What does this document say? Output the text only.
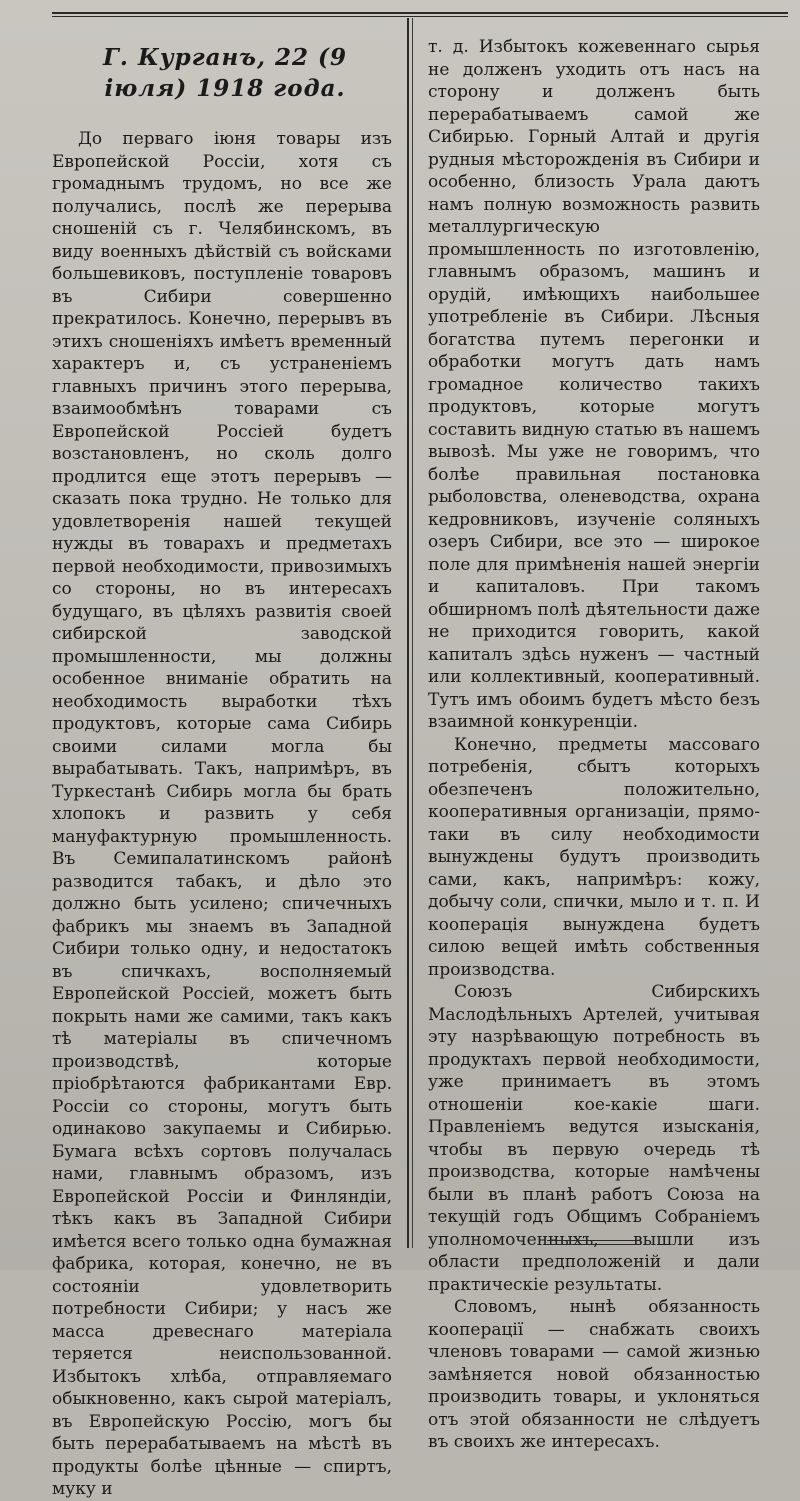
Г. Курганъ, 22 (9 іюля) 1918 года.

До перваго іюня товары изъ Европейской Россіи, хотя съ громаднымъ трудомъ, но все же получались, послѣ же перерыва сношеній съ г. Челябинскомъ, въ виду военныхъ дѣйствій съ войсками большевиковъ, поступленіе товаровъ въ Сибири совершенно прекратилось. Конечно, перерывъ въ этихъ сношеніяхъ имѣетъ временный характеръ и, съ устраненіемъ главныхъ причинъ этого перерыва, взаимообмѣнъ товарами съ Европейской Россіей будетъ возстановленъ, но сколь долго продлится еще этотъ перерывъ — сказать пока трудно. Не только для удовлетворенія нашей текущей нужды въ товарахъ и предметахъ первой необходимости, привозимыхъ со стороны, но въ интересахъ будущаго, въ цѣляхъ развитія своей сибирской заводской промышленности, мы должны особенное вниманіе обратить на необходимость выработки тѣхъ продуктовъ, которые сама Сибирь своими силами могла бы вырабатывать. Такъ, напримѣръ, въ Туркестанѣ Сибирь могла бы брать хлопокъ и развить у себя мануфактурную промышленность. Въ Семипалатинскомъ районѣ разводится табакъ, и дѣло это должно быть усилено; спичечныхъ фабрикъ мы знаемъ въ Западной Сибири только одну, и недостатокъ въ спичкахъ, восполняемый Европейской Россіей, можетъ быть покрыть нами же самими, такъ какъ тѣ матеріалы въ спичечномъ производствѣ, которые пріобрѣтаются фабрикантами Евр. Россіи со стороны, могутъ быть одинаково закупаемы и Сибирью. Бумага всѣхъ сортовъ получалась нами, главнымъ образомъ, изъ Европейской Россіи и Финляндіи, тѣкъ какъ въ Западной Сибири имѣется всего только одна бумажная фабрика, которая, конечно, не въ состояніи удовлетворить потребности Сибири; у насъ же масса древеснаго матеріала теряется неиспользованной. Избытокъ хлѣба, отправляемаго обыкновенно, какъ сырой матеріалъ, въ Европейскую Россію, могъ бы быть перерабатываемъ на мѣстѣ въ продукты болѣе цѣнные — спиртъ, муку и

т. д. Избытокъ кожевеннаго сырья не долженъ уходить отъ насъ на сторону и долженъ быть перерабатываемъ самой же Сибирью. Горный Алтай и другія рудныя мѣсторожденія въ Сибири и особенно, близость Урала даютъ намъ полную возможность развить металлургическую промышленность по изготовленію, главнымъ образомъ, машинъ и орудій, имѣющихъ наибольшее употребленіе въ Сибири. Лѣсныя богатства путемъ перегонки и обработки могутъ дать намъ громадное количество такихъ продуктовъ, которые могутъ составить видную статью въ нашемъ вывозѣ. Мы уже не говоримъ, что болѣе правильная постановка рыболовства, оленеводства, охрана кедровниковъ, изученіе соляныхъ озеръ Сибири, все это — широкое поле для примѣненія нашей энергіи и капиталовъ. При такомъ обширномъ полѣ дѣятельности даже не приходится говорить, какой капиталъ здѣсь нуженъ — частный или коллективный, кооперативный. Тутъ имъ обоимъ будетъ мѣсто безъ взаимной конкуренціи.

Конечно, предметы массоваго потребенія, сбытъ которыхъ обезпеченъ положительно, кооперативныя организаціи, прямо-таки въ силу необходимости вынуждены будутъ производить сами, какъ, напримѣръ: кожу, добычу соли, спички, мыло и т. п. И кооперація вынуждена будетъ силою вещей имѣть собственныя производства.

Союзъ Сибирскихъ Маслодѣльныхъ Артелей, учитывая эту назрѣвающую потребность въ продуктахъ первой необходимости, уже принимаетъ въ этомъ отношеніи кое-какіе шаги. Правленіемъ ведутся изысканія, чтобы въ первую очередь тѣ производства, которые намѣчены были въ планѣ работъ Союза на текущій годъ Общимъ Собраніемъ уполномоченныхъ, вышли изъ области предположеній и дали практическіе результаты.

Словомъ, нынѣ обязанность кооперації — снабжать своихъ членовъ товарами — самой жизнью замѣняется новой обязанностью производить товары, и уклоняться отъ этой обязанности не слѣдуетъ въ своихъ же интересахъ.
